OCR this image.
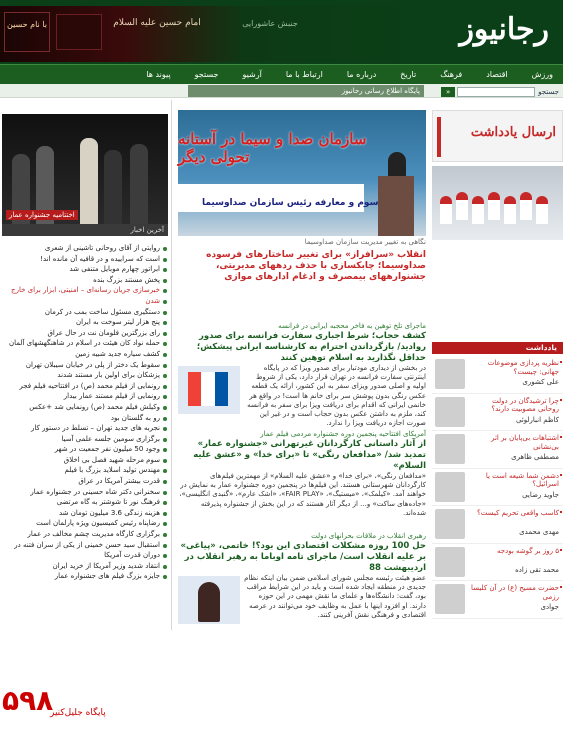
با نام حسین	امام حسین علیه السلام	جنبش عاشورایی	رجانیوز
ورزش
اقتصاد
فرهنگ
تاریخ
درباره ما
ارتباط با ما
آرشیو
جستجو
پیوند ها
جستجو
»
پایگاه اطلاع رسانی رجانیوز
اختتامیه جشنواره عمار
آخرین اخبار
روایتی از آقای روحانی تاشینی از شعری
است که سراییده و در قافیه آن مانده اند!
ابراتور چهارم موبایل متنفی شد
پخش مستند بزرگ بنده
خبرسازی جریان رسانه‌ای – امنیتی، ابزار برای خارج
شدن
دستگیری مسئول ساخت بمب در کرمان
پنج هزار لیتر سوخت به ایران
رای بزرگترین فلومان نت در حال عراق
حمله نواد کان هیئت در اسلام در شاهنگهشهای آلمان
کشف سیاره جدید شبیه زمین
سقوط یک دختر از پلی در خیابان سیبلان تهران
پزشکان برای اولین بار مستند شدند
رونمایی از فیلم محمد (ص) در افتتاحیه فیلم فجر
رونمایی از فیلم مستند عمار بیدار
وکیلش فیلم محمد (ص) رونمایی شد +عکس
رو به گلستان بود
نجربه های جدید تهران – تسلط در دستور کار
برگزاری سومین جلسه علمی آسیا
وجود 50 میلیون نفر جمعیت در شهر
سوم مرحله شهید فصل بی اخلاق
مهندس تولید اسلاید بزرگ با فیلم
قدرت بیشتر آمریکا در عراق
سخنرانی دکتر شاه حسینی در جشنواره عمار
فرهنگ نور تا شوشتر به گاه مرتضی
هزینه زندگی 3.6 میلیون تومان شد
رضاپناه رئیس کمیسیون ویژه پارلمان است
برگزاری کارگاه مدیریت چشم مخالف در عمار
استقبال سید حسن خمینی از یکی از سران فتنه در
دوران قدرت آمریکا
انتقاد شدید وزیر آمریکا از خرید ایران
جایزه بزرگ فیلم های جشنواره عمار
۵۹۸
پایگاه جلیل‌کنیر
سازمان صدا و سیما در آستانه تحولی دیگر
سوم و معارفه رئیس سازمان صداوسیما
نگاهی به تغییر مدیریت سازمان صداوسیما
انقلاب «سرافراز» برای تغییر ساختارهای فرسوده صداوسیما؛ چابکسازی با حذف ردههای مدیریتی، جشنوارههای بیمصرف و ادغام ادارهای موازی
ماجرای تلخ توهین به فاخر محجبه ایرانی در فرانسه
کشف حجاب؛ شرط اجباری سفارت فرانسه برای صدور روادید/ بازگرداندن احترام به کارشناسه ایرانی پیشکش؛ حداقل نگذارید به اسلام توهین کنند
در بخشی از دیداری مودتبار برای صدور ویزا که در پایگاه اینترنتی سفارت فرانسه در تهران قرار دارد، یکی از شروط اولیه و اصلی صدور ویزای سفر به این کشور، ارائه یک قطعه عکس رنگی بدون پوشش سر برای خانم ها است! در واقع هر خانمی ایرانی که اقدام برای دریافت ویزا برای سفر به فرانسه کند، ملزم به داشتن عکس بدون حجاب است و در غیر این صورت اجازه دریافت ویزا را ندارد.
آمریکای افتتاحیه پنجمین دوره جشنواره مردمی فیلم عمار
از آثار داستانی کارگردانان غیرتهرانی «جشنواره عمار» تمدید شد/ «مدافعان رنگی» تا «برای خدا» و «عشق علیه السلام»
«مدافعان رنگی»، «برای خدا» و «عشق علیه السلام» از مهمترین فیلم‌های کارگردانان شهرستانی هستند. این فیلم‌ها در پنجمین دوره جشنواره عمار به نمایش در خواهند آمد. «کیلمک»، «میستیگ»، «FAIR PLAY»، «اشک عارم»، «گنبدی انگلیسی»، «جاده‌های ساکت» و... از دیگر آثار هستند که در این بخش از جشنواره پذیرفته شده‌اند.
رهبری انقلاب در ملاقات بحرانهای دولت
حل 100 روزه مشکلات اقتصادی این بود؟! خاتمی، «پیاغی» بر علیه انقلاب است/ ماجرای تامه اوباما به رهبر انقلاب در اردیبهشت 88
عضو هیئت رئیسه مجلس شورای اسلامی ضمن بیان اینکه نظام جدیدی در منطقه ایجاد شده است و باید در این شرایط مراقب بود، گفت: دانشگاه‌ها و علمای ما نقش مهمی در این حوزه دارند. او افزود اینها با عمل به وظایف خود می‌توانند در عرصه اقتصادی و فرهنگی نقش آفرینی کنند.
ارسال یادداشت
یادداشت
نظریه پردازی موضوعات جهانی: چیست؟
علی کشوری
چرا ترشیدگان در دولت روحانی مصوبیت دارند؟
کاظم انبارلوئی
اشتباهات بی‌پایان بر اثر بی‌نشانی
مصطفی ظاهری
دشمن شما شیعه است یا اسرائیل؟
جاوید رضایی
کاسب واقعی تحریم کیست؟
مهدی محمدی
۵ روز بر گوشه بودجه
محمد تقی زاده
حضرت مسیح (ع) در آن کلیسا رزمی
جوادی
